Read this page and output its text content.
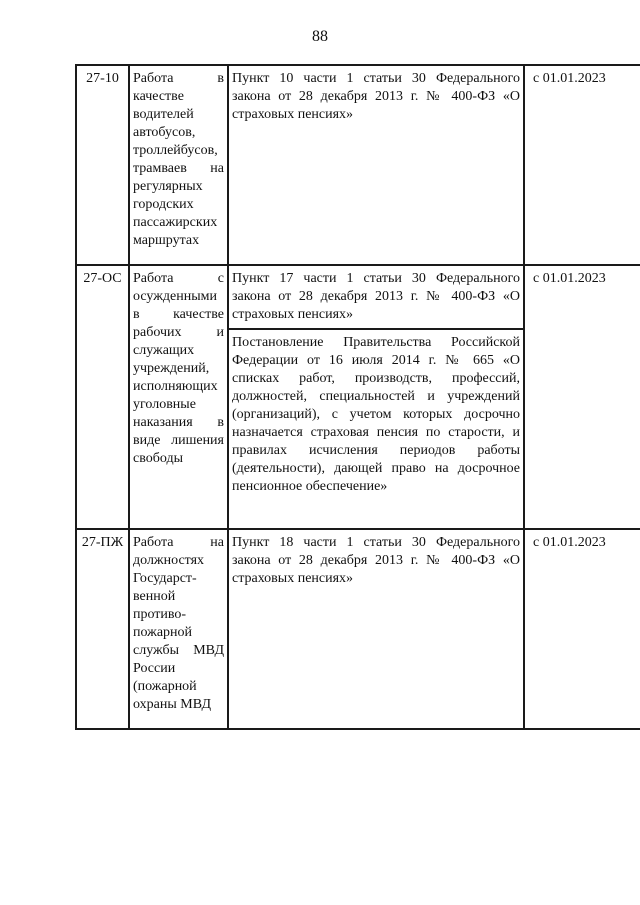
88
27-10	Работа в качестве водителей автобусов, троллейбусов, трамваев на регулярных городских пассажирских маршрутах	Пункт 10 части 1 статьи 30 Федерального закона от 28 декабря 2013 г. № 400-ФЗ «О страховых пенсиях»	с 01.01.2023
27-ОС	Работа с осужденными в качестве рабочих и служащих учреждений, исполняющих уголовные наказания в виде лишения свободы	Пункт 17 части 1 статьи 30 Федерального закона от 28 декабря 2013 г. № 400-ФЗ «О страховых пенсиях»	с 01.01.2023
		Постановление Правительства Российской Федерации от 16 июля 2014 г. № 665 «О списках работ, производств, профессий, должностей, специальностей и учреждений (организаций), с учетом которых досрочно назначается страховая пенсия по старости, и правилах исчисления периодов работы (деятельности), дающей право на досрочное пенсионное обеспечение»	
27-ПЖ	Работа на должностях Государст-венной противо-пожарной службы МВД России (пожарной охраны МВД	Пункт 18 части 1 статьи 30 Федерального закона от 28 декабря 2013 г. № 400-ФЗ «О страховых пенсиях»	с 01.01.2023
